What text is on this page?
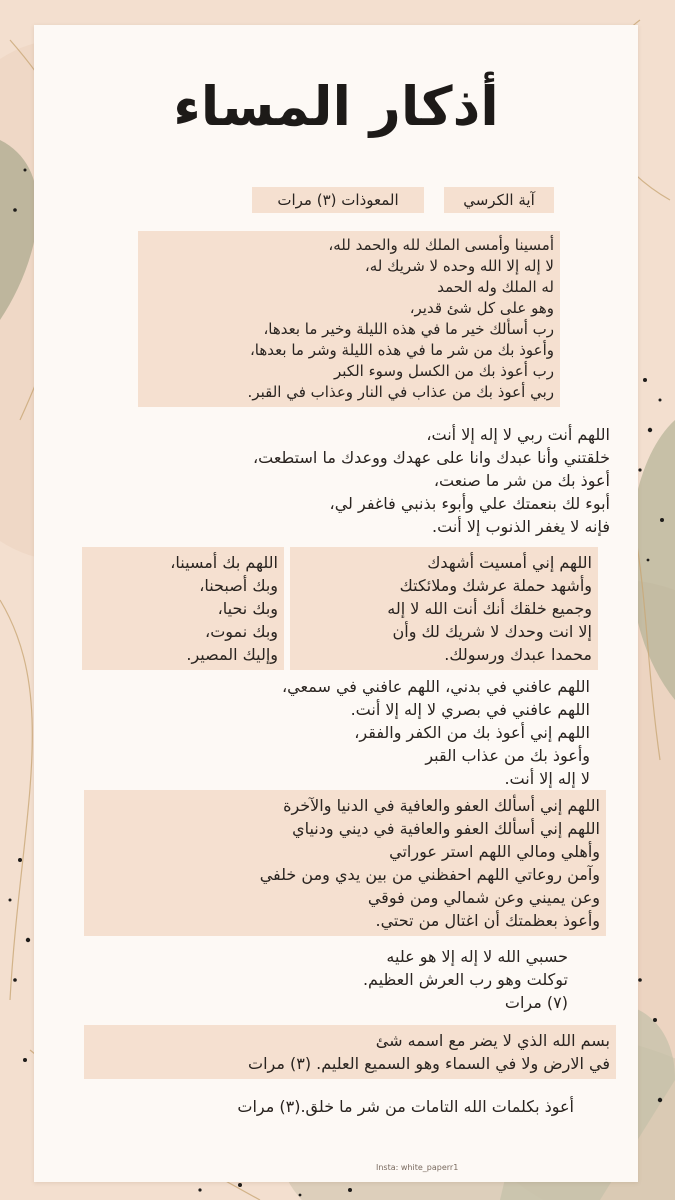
أذكار المساء
آية الكرسي
المعوذات (٣) مرات
أمسينا وأمسى الملك لله والحمد لله،
لا إله إلا الله وحده لا شريك له،
له الملك وله الحمد
وهو على كل شئ قدير،
رب أسألك خير ما في هذه الليلة وخير ما بعدها،
وأعوذ بك من شر ما في هذه الليلة وشر ما بعدها،
رب أعوذ بك من الكسل وسوء الكبر
ربي أعوذ بك من عذاب في النار وعذاب في القبر.
اللهم أنت ربي لا إله إلا أنت،
خلقتني وأنا عبدك وانا على عهدك ووعدك ما استطعت،
أعوذ بك من شر ما صنعت،
أبوء لك بنعمتك علي وأبوء بذنبي فاغفر لي،
فإنه لا يغفر الذنوب إلا أنت.
اللهم إني أمسيت أشهدك
وأشهد حملة عرشك وملائكتك
وجميع خلقك أنك أنت الله لا إله
إلا انت وحدك لا شريك لك وأن
محمدا عبدك ورسولك.
اللهم بك أمسينا،
وبك أصبحنا،
وبك نحيا،
وبك نموت،
وإليك المصير.
اللهم عافني في بدني، اللهم عافني في سمعي،
اللهم عافني في بصري لا إله إلا أنت.
اللهم إني أعوذ بك من الكفر والفقر،
وأعوذ بك من عذاب القبر
لا إله إلا أنت.
اللهم إني أسألك العفو والعافية في الدنيا والآخرة
اللهم إني أسألك العفو والعافية في ديني ودنياي
وأهلي ومالي اللهم استر عوراتي
وآمن روعاتي اللهم احفظني من بين يدي ومن خلفي
وعن يميني وعن شمالي ومن فوقي
وأعوذ بعظمتك أن اغتال من تحتي.
حسبي الله لا إله إلا هو عليه
توكلت وهو رب العرش العظيم.
(٧) مرات
بسم الله الذي لا يضر مع اسمه شئ
في الارض ولا في السماء وهو السميع العليم. (٣) مرات
أعوذ بكلمات الله التامات من شر ما خلق.(٣) مرات
Insta: white_paperr1
